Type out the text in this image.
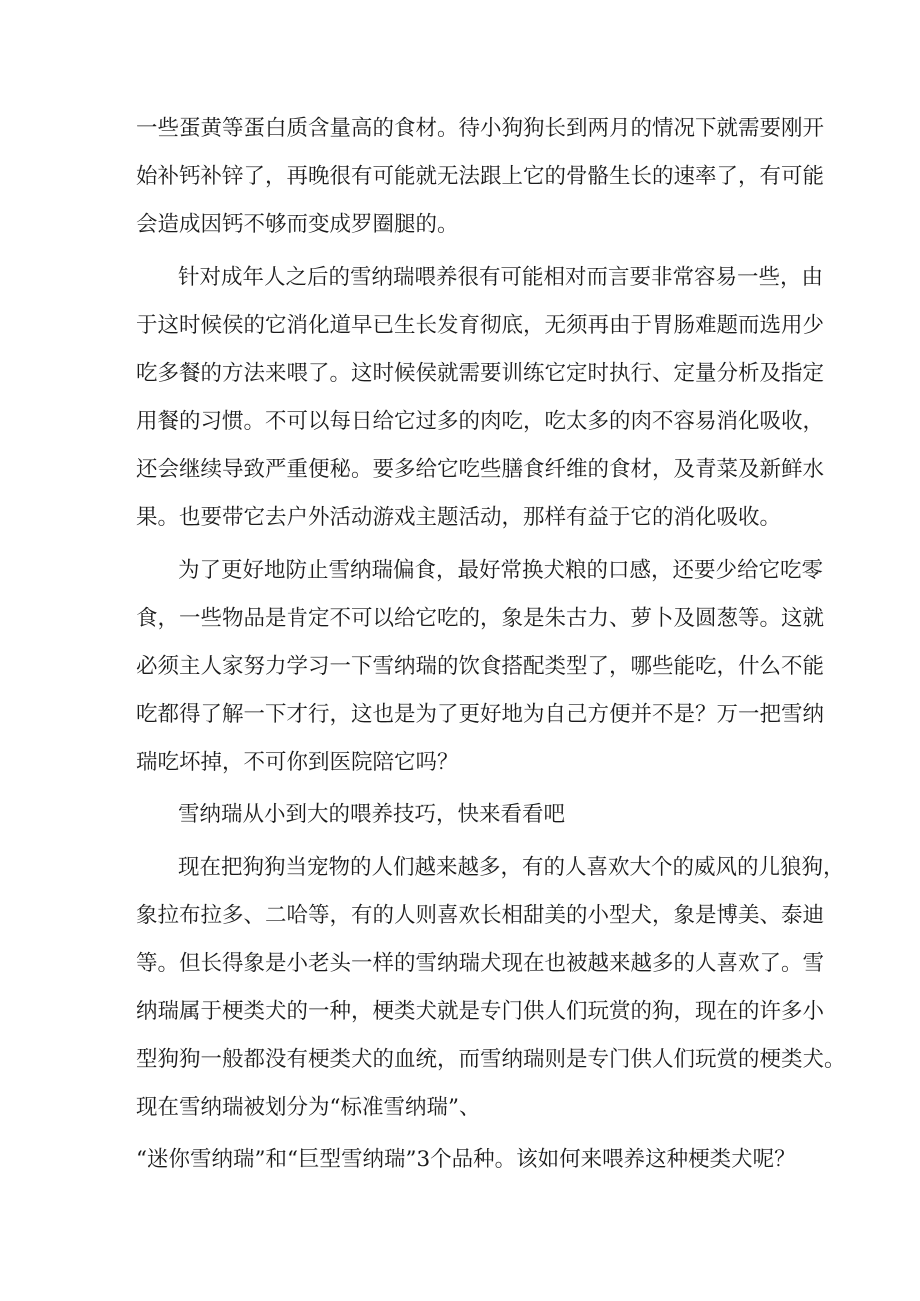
一些蛋黄等蛋白质含量高的食材。待小狗狗长到两月的情况下就需要刚开

始补钙补锌了，再晚很有可能就无法跟上它的骨骼生长的速率了，有可能

会造成因钙不够而变成罗圈腿的。

针对成年人之后的雪纳瑞喂养很有可能相对而言要非常容易一些，由

于这时候侯的它消化道早已生长发育彻底，无须再由于胃肠难题而选用少

吃多餐的方法来喂了。这时候侯就需要训练它定时执行、定量分析及指定

用餐的习惯。不可以每日给它过多的肉吃，吃太多的肉不容易消化吸收，

还会继续导致严重便秘。要多给它吃些膳食纤维的食材，及青菜及新鲜水

果。也要带它去户外活动游戏主题活动，那样有益于它的消化吸收。

为了更好地防止雪纳瑞偏食，最好常换犬粮的口感，还要少给它吃零

食，一些物品是肯定不可以给它吃的，象是朱古力、萝卜及圆葱等。这就

必须主人家努力学习一下雪纳瑞的饮食搭配类型了，哪些能吃，什么不能

吃都得了解一下才行，这也是为了更好地为自己方便并不是？万一把雪纳

瑞吃坏掉，不可你到医院陪它吗？

雪纳瑞从小到大的喂养技巧，快来看看吧

现在把狗狗当宠物的人们越来越多，有的人喜欢大个的威风的儿狼狗，

象拉布拉多、二哈等，有的人则喜欢长相甜美的小型犬，象是博美、泰迪

等。但长得象是小老头一样的雪纳瑞犬现在也被越来越多的人喜欢了。雪

纳瑞属于梗类犬的一种，梗类犬就是专门供人们玩赏的狗，现在的许多小

型狗狗一般都没有梗类犬的血统，而雪纳瑞则是专门供人们玩赏的梗类犬。

现在雪纳瑞被划分为“标准雪纳瑞”、

“迷你雪纳瑞”和“巨型雪纳瑞”3个品种。该如何来喂养这种梗类犬呢？
